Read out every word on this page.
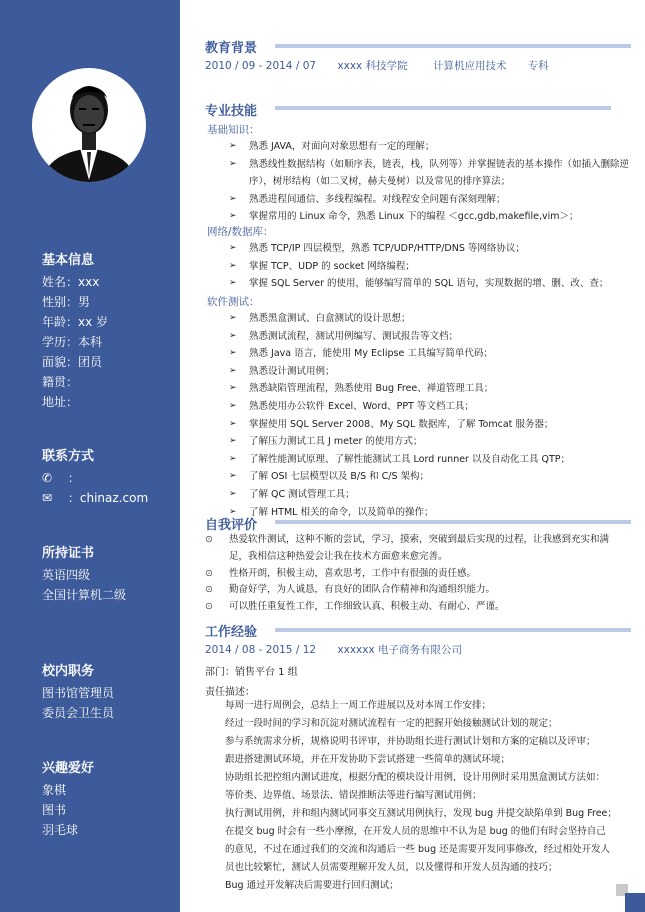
基本信息
姓名：xxx
性别：男
年龄：xx 岁
学历：本科
面貌：团员
籍贯：
地址：
联系方式
✆ ：
✉ ：chinaz.com
所持证书
英语四级
全国计算机二级
校内职务
图书馆管理员
委员会卫生员
兴趣爱好
象棋
图书
羽毛球
教育背景
2010 / 09 - 2014 / 07 xxxx 科技学院 计算机应用技术 专科
专业技能
基础知识：
➢ 熟悉 JAVA，对面向对象思想有一定的理解；
➢ 熟悉线性数据结构（如顺序表，链表，栈，队列等）并掌握链表的基本操作（如插入删除逆序），树形结构（如二叉树，赫夫曼树）以及常见的排序算法；
➢ 熟悉进程间通信、多线程编程。对线程安全问题有深刻理解；
➢ 掌握常用的 Linux 命令，熟悉 Linux 下的编程 ＜gcc,gdb,makefile,vim＞；
网络/数据库：
➢ 熟悉 TCP/IP 四层模型，熟悉 TCP/UDP/HTTP/DNS 等网络协议；
➢ 掌握 TCP、UDP 的 socket 网络编程；
➢ 掌握 SQL Server 的使用，能够编写简单的 SQL 语句，实现数据的增、删、改、查；
软件测试：
➢ 熟悉黑盒测试、白盒测试的设计思想；
➢ 熟悉测试流程，测试用例编写、测试报告等文档；
➢ 熟悉 Java 语言，能使用 My Eclipse 工具编写简单代码；
➢ 熟悉设计测试用例；
➢ 熟悉缺陷管理流程，熟悉使用 Bug Free、禅道管理工具；
➢ 熟悉使用办公软件 Excel、Word、PPT 等文档工具；
➢ 掌握使用 SQL Server 2008、My SQL 数据库，了解 Tomcat 服务器；
➢ 了解压力测试工具 J meter 的使用方式；
➢ 了解性能测试原理、了解性能测试工具 Lord runner 以及自动化工具 QTP；
➢ 了解 OSI 七层模型以及 B/S 和 C/S 架构；
➢ 了解 QC 测试管理工具；
➢ 了解 HTML 相关的命令，以及简单的操作；
自我评价
⊙ 热爱软件测试，这种不断的尝试，学习，摸索，突破到最后实现的过程，让我感到充实和满足，我相信这种热爱会让我在技术方面愈来愈完善。
⊙ 性格开朗，积极主动，喜欢思考，工作中有很强的责任感。
⊙ 勤奋好学，为人诚恳，有良好的团队合作精神和沟通组织能力。
⊙ 可以胜任重复性工作，工作细致认真、积极主动、有耐心、严谨。
工作经验
2014 / 08 - 2015 / 12 xxxxxx 电子商务有限公司
部门：销售平台 1 组
责任描述：
每周一进行周例会，总结上一周工作进展以及对本周工作安排；
经过一段时间的学习和沉淀对测试流程有一定的把握开始接触测试计划的规定；
参与系统需求分析，规格说明书评审，并协助组长进行测试计划和方案的定稿以及评审；
跟进搭建测试环境，并在开发协助下尝试搭建一些简单的测试环境；
协助组长把控组内测试进度，根据分配的模块设计用例，设计用例时采用黑盒测试方法如：
等价类、边界值、场景法、错误推断法等进行编写测试用例；
执行测试用例，并和组内测试同事交互测试用例执行，发现 bug 并提交缺陷单到 Bug Free；
在提交 bug 时会有一些小摩擦，在开发人员的思维中不认为是 bug 的他们有时会坚持自己
的意见，不过在通过我们的交流和沟通后一些 bug 还是需要开发同事修改，经过相处开发人
员也比较繁忙，测试人员需要理解开发人员，以及懂得和开发人员沟通的技巧；
Bug 通过开发解决后需要进行回归测试；
